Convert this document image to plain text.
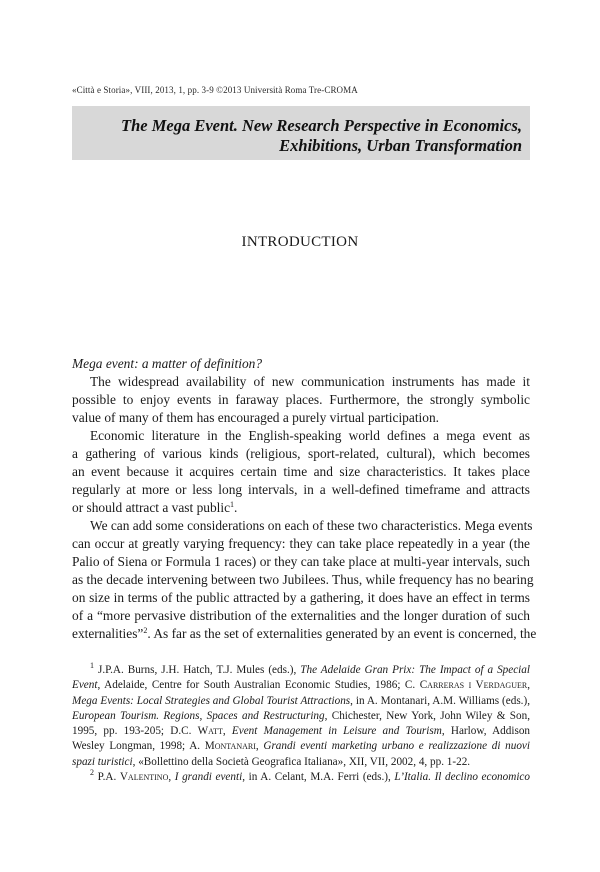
«Città e Storia», VIII, 2013, 1, pp. 3-9 ©2013 Università Roma Tre-CROMA
The Mega Event. New Research Perspective in Economics,
Exhibitions, Urban Transformation
INTRODUCTION
Mega event: a matter of definition?
The widespread availability of new communication instruments has made it
possible to enjoy events in faraway places. Furthermore, the strongly symbolic
value of many of them has encouraged a purely virtual participation.
Economic literature in the English-speaking world defines a mega event as
a gathering of various kinds (religious, sport-related, cultural), which becomes
an event because it acquires certain time and size characteristics. It takes place
regularly at more or less long intervals, in a well-defined timeframe and attracts
or should attract a vast public$^1$.
We can add some considerations on each of these two characteristics. Mega events
can occur at greatly varying frequency: they can take place repeatedly in a year (the
Palio of Siena or Formula 1 races) or they can take place at multi-year intervals, such
as the decade intervening between two Jubilees. Thus, while frequency has no bearing
on size in terms of the public attracted by a gathering, it does have an effect in terms
of a “more pervasive distribution of the externalities and the longer duration of such
externalities”$^2$. As far as the set of externalities generated by an event is concerned, the
$^1$ J.P.A. Burns, J.H. Hatch, T.J. Mules (eds.), The Adelaide Gran Prix: The Impact of a Special
Event, Adelaide, Centre for South Australian Economic Studies, 1986; C. Carreras i Verdaguer,
Mega Events: Local Strategies and Global Tourist Attractions, in A. Montanari, A.M. Williams (eds.),
European Tourism. Regions, Spaces and Restructuring, Chichester, New York, John Wiley & Son,
1995, pp. 193-205; D.C. Watt, Event Management in Leisure and Tourism, Harlow, Addison
Wesley Longman, 1998; A. Montanari, Grandi eventi marketing urbano e realizzazione di nuovi
spazi turistici, «Bollettino della Società Geografica Italiana», XII, VII, 2002, 4, pp. 1-22.
$^2$ P.A. Valentino, I grandi eventi, in A. Celant, M.A. Ferri (eds.), L’Italia. Il declino economico
